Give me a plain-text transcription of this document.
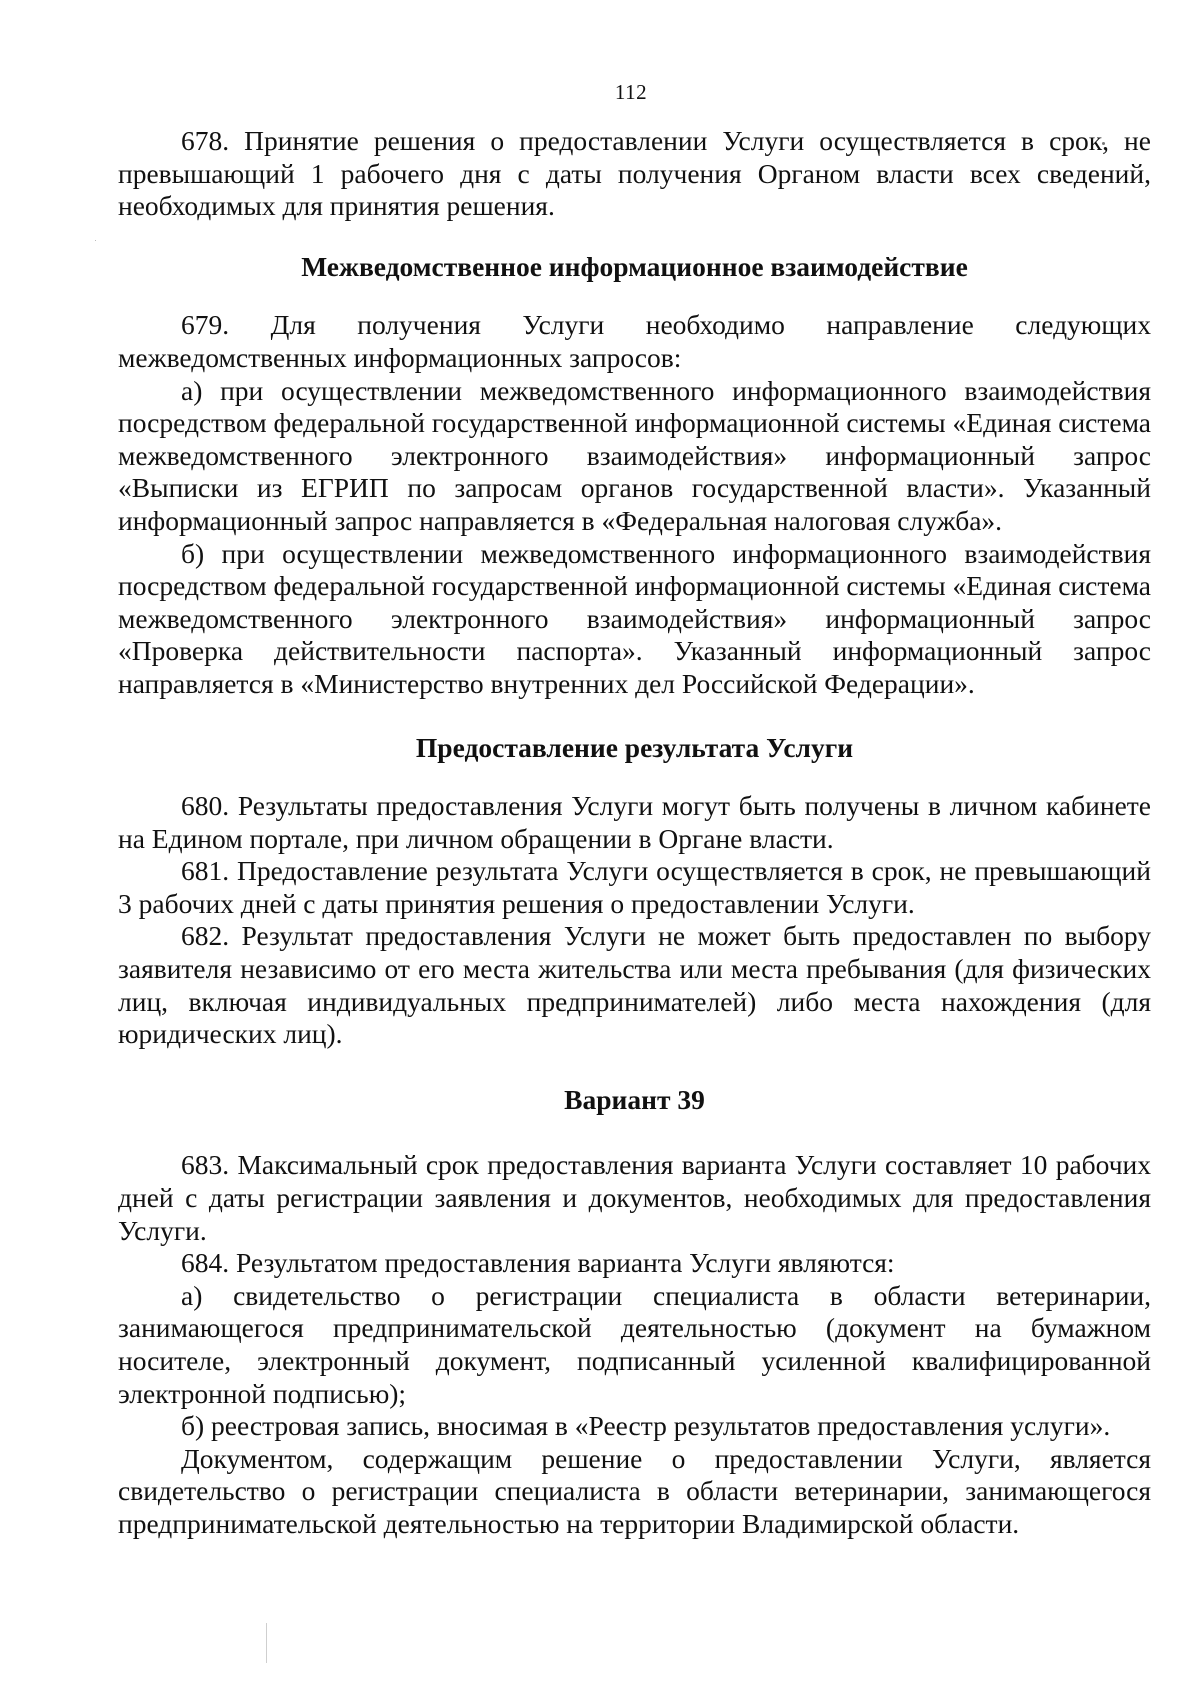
112

678. Принятие решения о предоставлении Услуги осуществляется в срок, не превышающий 1 рабочего дня с даты получения Органом власти всех сведений, необходимых для принятия решения.

Межведомственное информационное взаимодействие

679. Для получения Услуги необходимо направление следующих межведомственных информационных запросов:

а) при осуществлении межведомственного информационного взаимодействия посредством федеральной государственной информационной системы «Единая система межведомственного электронного взаимодействия» информационный запрос «Выписки из ЕГРИП по запросам органов государственной власти». Указанный информационный запрос направляется в «Федеральная налоговая служба».

б) при осуществлении межведомственного информационного взаимодействия посредством федеральной государственной информационной системы «Единая система межведомственного электронного взаимодействия» информационный запрос «Проверка действительности паспорта». Указанный информационный запрос направляется в «Министерство внутренних дел Российской Федерации».

Предоставление результата Услуги

680. Результаты предоставления Услуги могут быть получены в личном кабинете на Едином портале, при личном обращении в Органе власти.

681. Предоставление результата Услуги осуществляется в срок, не превышающий 3 рабочих дней с даты принятия решения о предоставлении Услуги.

682. Результат предоставления Услуги не может быть предоставлен по выбору заявителя независимо от его места жительства или места пребывания (для физических лиц, включая индивидуальных предпринимателей) либо места нахождения (для юридических лиц).

Вариант 39

683. Максимальный срок предоставления варианта Услуги составляет 10 рабочих дней с даты регистрации заявления и документов, необходимых для предоставления Услуги.

684. Результатом предоставления варианта Услуги являются:

а) свидетельство о регистрации специалиста в области ветеринарии, занимающегося предпринимательской деятельностью (документ на бумажном носителе, электронный документ, подписанный усиленной квалифицированной электронной подписью);

б) реестровая запись, вносимая в «Реестр результатов предоставления услуги».

Документом, содержащим решение о предоставлении Услуги, является свидетельство о регистрации специалиста в области ветеринарии, занимающегося предпринимательской деятельностью на территории Владимирской области.
